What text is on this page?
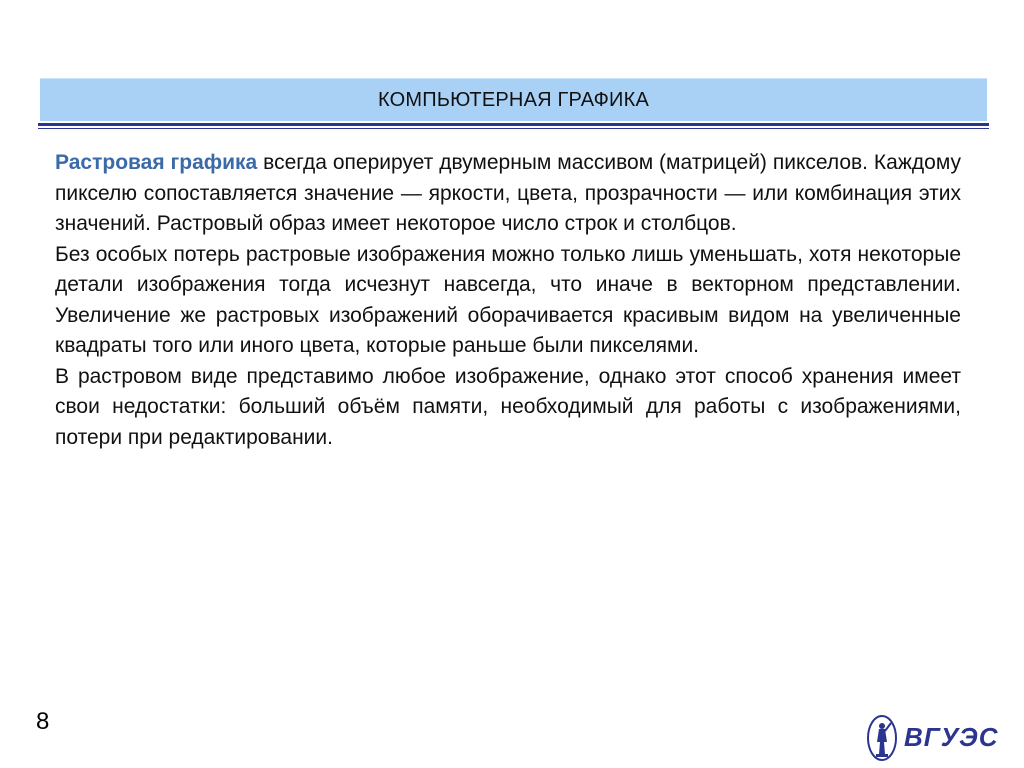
КОМПЬЮТЕРНАЯ ГРАФИКА

Растровая графика всегда оперирует двумерным массивом (матрицей) пикселов. Каждому пикселю сопоставляется значение — яркости, цвета, прозрачности — или комбинация этих значений. Растровый образ имеет некоторое число строк и столбцов.

Без особых потерь растровые изображения можно только лишь уменьшать, хотя некоторые детали изображения тогда исчезнут навсегда, что иначе в векторном представлении. Увеличение же растровых изображений оборачивается красивым видом на увеличенные квадраты того или иного цвета, которые раньше были пикселями.

В растровом виде представимо любое изображение, однако этот способ хранения имеет свои недостатки: больший объём памяти, необходимый для работы с изображениями, потери при редактировании.

8
ВГУЭС
